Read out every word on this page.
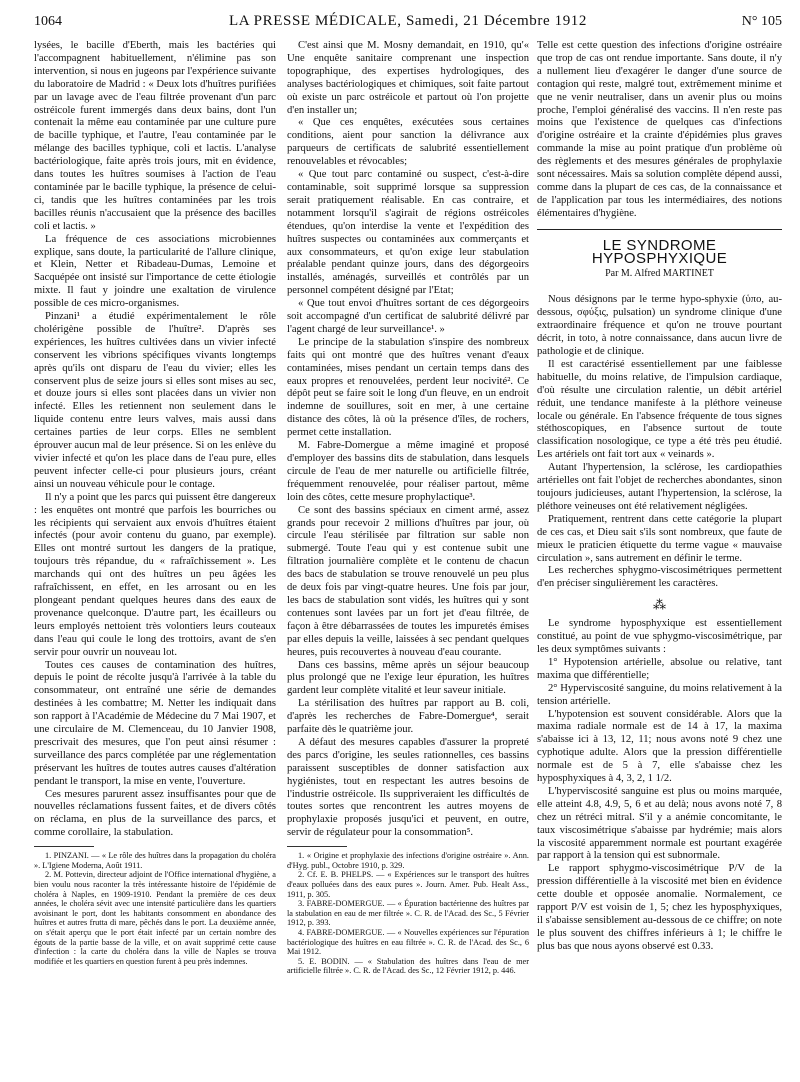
1064	LA PRESSE MÉDICALE, Samedi, 21 Décembre 1912	N° 105

lysées, le bacille d'Eberth, mais les bactéries qui l'accompagnent habituellement, n'élimine pas son intervention, si nous en jugeons par l'expérience suivante du laboratoire de Madrid : « Deux lots d'huîtres purifiées par un lavage avec de l'eau filtrée provenant d'un parc ostréicole furent immergés dans deux bains, dont l'un contenait la même eau contaminée par une culture pure de bacille typhique, et l'autre, l'eau contaminée par le mélange des bacilles typhique, coli et lactis. L'analyse bactériologique, faite après trois jours, mit en évidence, dans toutes les huîtres soumises à l'action de l'eau contaminée par le bacille typhique, la présence de celui-ci, tandis que les huîtres contaminées par les trois bacilles réunis n'accusaient que la présence des bacilles coli et lactis. »

La fréquence de ces associations microbiennes explique, sans doute, la particularité de l'allure clinique, et Klein, Netter et Ribadeau-Dumas, Lemoine et Sacquépée ont insisté sur l'importance de cette étiologie mixte. Il faut y joindre une exaltation de virulence possible de ces micro-organismes.

Pinzani¹ a étudié expérimentalement le rôle cholérigène possible de l'huître². D'après ses expériences, les huîtres cultivées dans un vivier infecté conservent les vibrions spécifiques vivants longtemps après qu'ils ont disparu de l'eau du vivier; elles les conservent plus de seize jours si elles sont mises au sec, et douze jours si elles sont placées dans un vivier non infecté. Elles les retiennent non seulement dans le liquide contenu entre leurs valves, mais aussi dans certaines parties de leur corps. Elles ne semblent éprouver aucun mal de leur présence. Si on les enlève du vivier infecté et qu'on les place dans de l'eau pure, elles peuvent infecter celle-ci pour plusieurs jours, créant ainsi un nouveau véhicule pour le contage.

Il n'y a point que les parcs qui puissent être dangereux : les enquêtes ont montré que parfois les bourriches ou les récipients qui servaient aux envois d'huîtres étaient infectés (pour avoir contenu du guano, par exemple). Elles ont montré surtout les dangers de la pratique, toujours très répandue, du « rafraîchissement ». Les marchands qui ont des huîtres un peu âgées les rafraîchissent, en effet, en les arrosant ou en les plongeant pendant quelques heures dans des eaux de provenance quelconque. D'autre part, les écailleurs ou leurs employés nettoient très volontiers leurs couteaux dans l'eau qui coule le long des trottoirs, avant de s'en servir pour ouvrir un nouveau lot.

Toutes ces causes de contamination des huîtres, depuis le point de récolte jusqu'à l'arrivée à la table du consommateur, ont entraîné une série de demandes destinées à les combattre; M. Netter les indiquait dans son rapport à l'Académie de Médecine du 7 Mai 1907, et une circulaire de M. Clemenceau, du 10 Janvier 1908, prescrivait des mesures, que l'on peut ainsi résumer : surveillance des parcs complétée par une réglementation préservant les huîtres de toutes autres causes d'altération pendant le transport, la mise en vente, l'ouverture.

Ces mesures parurent assez insuffisantes pour que de nouvelles réclamations fussent faites, et de divers côtés on réclama, en plus de la surveillance des parcs, et comme corollaire, la stabulation.

1. PINZANI. — « Le rôle des huîtres dans la propagation du choléra ». L'Igiene Moderna, Août 1911.

2. M. Pottevin, directeur adjoint de l'Office international d'hygiène, a bien voulu nous raconter la très intéressante histoire de l'épidémie de choléra à Naples, en 1909-1910. Pendant la première de ces deux années, le choléra sévit avec une intensité particulière dans les quartiers avoisinant le port, dont les habitants consomment en abondance des huîtres et autres frutta di mare, pêchés dans le port. La deuxième année, on s'était aperçu que le port était infecté par un certain nombre des égouts de la partie basse de la ville, et on avait supprimé cette cause d'infection : la carte du choléra dans la ville de Naples se trouva modifiée et les quartiers en question furent à peu près indemnes.

C'est ainsi que M. Mosny demandait, en 1910, qu'« Une enquête sanitaire comprenant une inspection topographique, des expertises hydrologiques, des analyses bactériologiques et chimiques, soit faite partout où existe un parc ostréicole et partout où l'on projette d'en installer un;

« Que ces enquêtes, exécutées sous certaines conditions, aient pour sanction la délivrance aux parqueurs de certificats de salubrité essentiellement renouvelables et révocables;

« Que tout parc contaminé ou suspect, c'est-à-dire contaminable, soit supprimé lorsque sa suppression serait pratiquement réalisable. En cas contraire, et notamment lorsqu'il s'agirait de régions ostréicoles étendues, qu'on interdise la vente et l'expédition des huîtres suspectes ou contaminées aux commerçants et aux consommateurs, et qu'on exige leur stabulation préalable pendant quinze jours, dans des dégorgeoirs installés, aménagés, surveillés et contrôlés par un personnel compétent désigné par l'Etat;

« Que tout envoi d'huîtres sortant de ces dégorgeoirs soit accompagné d'un certificat de salubrité délivré par l'agent chargé de leur surveillance¹. »

Le principe de la stabulation s'inspire des nombreux faits qui ont montré que des huîtres venant d'eaux contaminées, mises pendant un certain temps dans des eaux propres et renouvelées, perdent leur nocivité². Ce dépôt peut se faire soit le long d'un fleuve, en un endroit indemne de souillures, soit en mer, à une certaine distance des côtes, là où la présence d'îles, de rochers, permet cette installation.

M. Fabre-Domergue a même imaginé et proposé d'employer des bassins dits de stabulation, dans lesquels circule de l'eau de mer naturelle ou artificielle filtrée, fréquemment renouvelée, pour réaliser partout, même loin des côtes, cette mesure prophylactique³.

Ce sont des bassins spéciaux en ciment armé, assez grands pour recevoir 2 millions d'huîtres par jour, où circule l'eau stérilisée par filtration sur sable non submergé. Toute l'eau qui y est contenue subit une filtration journalière complète et le contenu de chacun des bacs de stabulation se trouve renouvelé un peu plus de deux fois par vingt-quatre heures. Une fois par jour, les bacs de stabulation sont vidés, les huîtres qui y sont contenues sont lavées par un fort jet d'eau filtrée, de façon à être débarrassées de toutes les impuretés émises par elles depuis la veille, laissées à sec pendant quelques heures, puis recouvertes à nouveau d'eau courante.

Dans ces bassins, même après un séjour beaucoup plus prolongé que ne l'exige leur épuration, les huîtres gardent leur complète vitalité et leur saveur initiale.

La stérilisation des huîtres par rapport au B. coli, d'après les recherches de Fabre-Domergue⁴, serait parfaite dès le quatrième jour.

A défaut des mesures capables d'assurer la propreté des parcs d'origine, les seules rationnelles, ces bassins paraissent susceptibles de donner satisfaction aux hygiénistes, tout en respectant les autres besoins de l'industrie ostréicole. Ils suppriveraient les difficultés de toutes sortes que rencontrent les autres moyens de prophylaxie proposés jusqu'ici et peuvent, en outre, servir de régulateur pour la consommation⁵.

1. « Origine et prophylaxie des infections d'origine ostréaire ». Ann. d'Hyg. publ., Octobre 1910, p. 329.

2. Cf. E. B. PHELPS. — « Expériences sur le transport des huîtres d'eaux polluées dans des eaux pures ». Journ. Amer. Pub. Healt Ass., 1911, p. 305.

3. FABRE-DOMERGUE. — « Épuration bactérienne des huîtres par la stabulation en eau de mer filtrée ». C. R. de l'Acad. des Sc., 5 Février 1912, p. 393.

4. FABRE-DOMERGUE. — « Nouvelles expériences sur l'épuration bactériologique des huîtres en eau filtrée ». C. R. de l'Acad. des Sc., 6 Mai 1912.

5. E. BODIN. — « Stabulation des huîtres dans l'eau de mer artificielle filtrée ». C. R. de l'Acad. des Sc., 12 Février 1912, p. 446.

Telle est cette question des infections d'origine ostréaire que trop de cas ont rendue importante. Sans doute, il n'y a nullement lieu d'exagérer le danger d'une source de contagion qui reste, malgré tout, extrêmement minime et que ne venir neutraliser, dans un avenir plus ou moins proche, l'emploi généralisé des vaccins. Il n'en reste pas moins que l'existence de quelques cas d'infections d'origine ostréaire et la crainte d'épidémies plus graves commande la mise au point pratique d'un problème où des règlements et des mesures générales de prophylaxie sont nécessaires. Mais sa solution complète dépend aussi, comme dans la plupart de ces cas, de la connaissance et de l'application par tous les intermédiaires, des notions élémentaires d'hygiène.

LE SYNDROME HYPOSPHYXIQUE
Par M. Alfred MARTINET

Nous désignons par le terme hypo-sphyxie (ὑπο, au-dessous, σφύξις, pulsation) un syndrome clinique d'une extraordinaire fréquence et qu'on ne trouve pourtant décrit, in toto, à notre connaissance, dans aucun livre de pathologie et de clinique.

Il est caractérisé essentiellement par une faiblesse habituelle, du moins relative, de l'impulsion cardiaque, d'où résulte une circulation ralentie, un débit artériel réduit, une tendance manifeste à la pléthore veineuse locale ou générale. En l'absence fréquente de tous signes stéthoscopiques, en l'absence surtout de toute classification nosologique, ce type a été très peu étudié. Les artériels ont fait tort aux « veinards ».

Autant l'hypertension, la sclérose, les cardiopathies artérielles ont fait l'objet de recherches abondantes, sinon toujours judicieuses, autant l'hypertension, la sclérose, la pléthore veineuses ont été relativement négligées.

Pratiquement, rentrent dans cette catégorie la plupart de ces cas, et Dieu sait s'ils sont nombreux, que faute de mieux le praticien étiquette du terme vague « mauvaise circulation », sans autrement en définir le terme.

Les recherches sphygmo-viscosimétriques permettent d'en préciser singulièrement les caractères.

⁂

Le syndrome hyposphyxique est essentiellement constitué, au point de vue sphygmo-viscosimétrique, par les deux symptômes suivants :

1° Hypotension artérielle, absolue ou relative, tant maxima que différentielle;

2° Hyperviscosité sanguine, du moins relativement à la tension artérielle.

L'hypotension est souvent considérable. Alors que la maxima radiale normale est de 14 à 17, la maxima s'abaisse ici à 13, 12, 11; nous avons noté 9 chez une cyphotique adulte. Alors que la pression différentielle normale est de 5 à 7, elle s'abaisse chez les hyposphyxiques à 4, 3, 2, 1 1/2.

L'hyperviscosité sanguine est plus ou moins marquée, elle atteint 4.8, 4.9, 5, 6 et au delà; nous avons noté 7, 8 chez un rétréci mitral. S'il y a anémie concomitante, le taux viscosimétrique s'abaisse par hydrémie; mais alors la viscosité apparemment normale est pourtant exagérée par rapport à la tension qui est subnormale.

Le rapport sphygmo-viscosimétrique P/V de la pression différentielle à la viscosité met bien en évidence cette double et opposée anomalie. Normalement, ce rapport P/V est voisin de 1, 5; chez les hyposphyxiques, il s'abaisse sensiblement au-dessous de ce chiffre; on note le plus souvent des chiffres inférieurs à 1; le chiffre le plus bas que nous ayons observé est 0.33.
